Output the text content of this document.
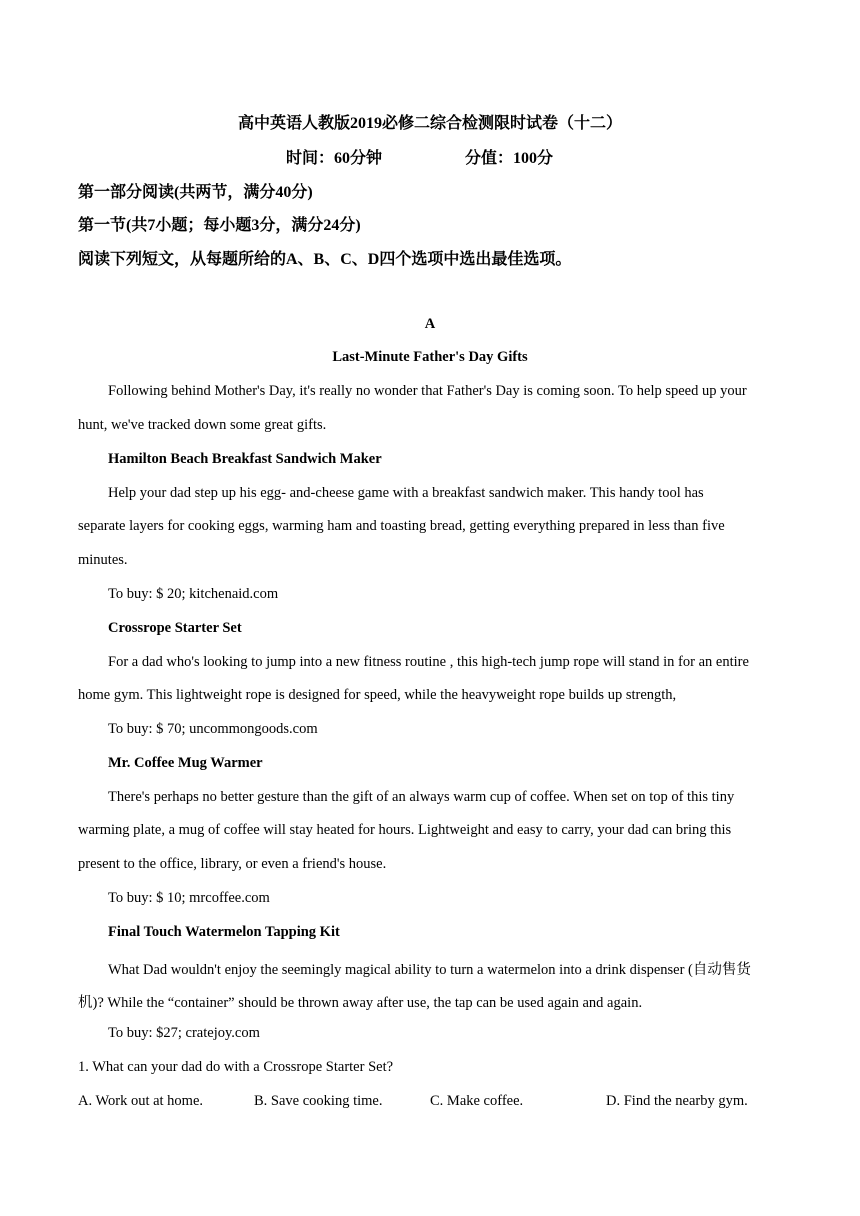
高中英语人教版2019必修二综合检测限时试卷（十二）
时间：60分钟	分值：100分
第一部分阅读(共两节，满分40分)
第一节(共7小题；每小题3分，满分24分)
阅读下列短文，从每题所给的A、B、C、D四个选项中选出最佳选项。
A
Last-Minute Father's Day Gifts
Following behind Mother's Day, it's really no wonder that Father's Day is coming soon. To help speed up your
hunt, we've tracked down some great gifts.
Hamilton Beach Breakfast Sandwich Maker
Help your dad step up his egg- and-cheese game with a breakfast sandwich maker. This handy tool has
separate layers for cooking eggs, warming ham and toasting bread, getting everything prepared in less than five
minutes.
To buy: $ 20; kitchenaid.com
Crossrope Starter Set
For a dad who's looking to jump into a new fitness routine , this high-tech jump rope will stand in for an entire
home gym. This lightweight rope is designed for speed, while the heavyweight rope builds up strength,
To buy: $ 70; uncommongoods.com
Mr. Coffee Mug Warmer
There's perhaps no better gesture than the gift of an always warm cup of coffee. When set on top of this tiny
warming plate, a mug of coffee will stay heated for hours. Lightweight and easy to carry, your dad can bring this
present to the office, library, or even a friend's house.
To buy: $ 10; mrcoffee.com
Final Touch Watermelon Tapping Kit
What Dad wouldn't enjoy the seemingly magical ability to turn a watermelon into a drink dispenser (自动售货
机)? While the “container” should be thrown away after use, the tap can be used again and again.
To buy: $27; cratejoy.com
1. What can your dad do with a Crossrope Starter Set?
A. Work out at home.	B. Save cooking time.	C. Make coffee.	D. Find the nearby gym.
